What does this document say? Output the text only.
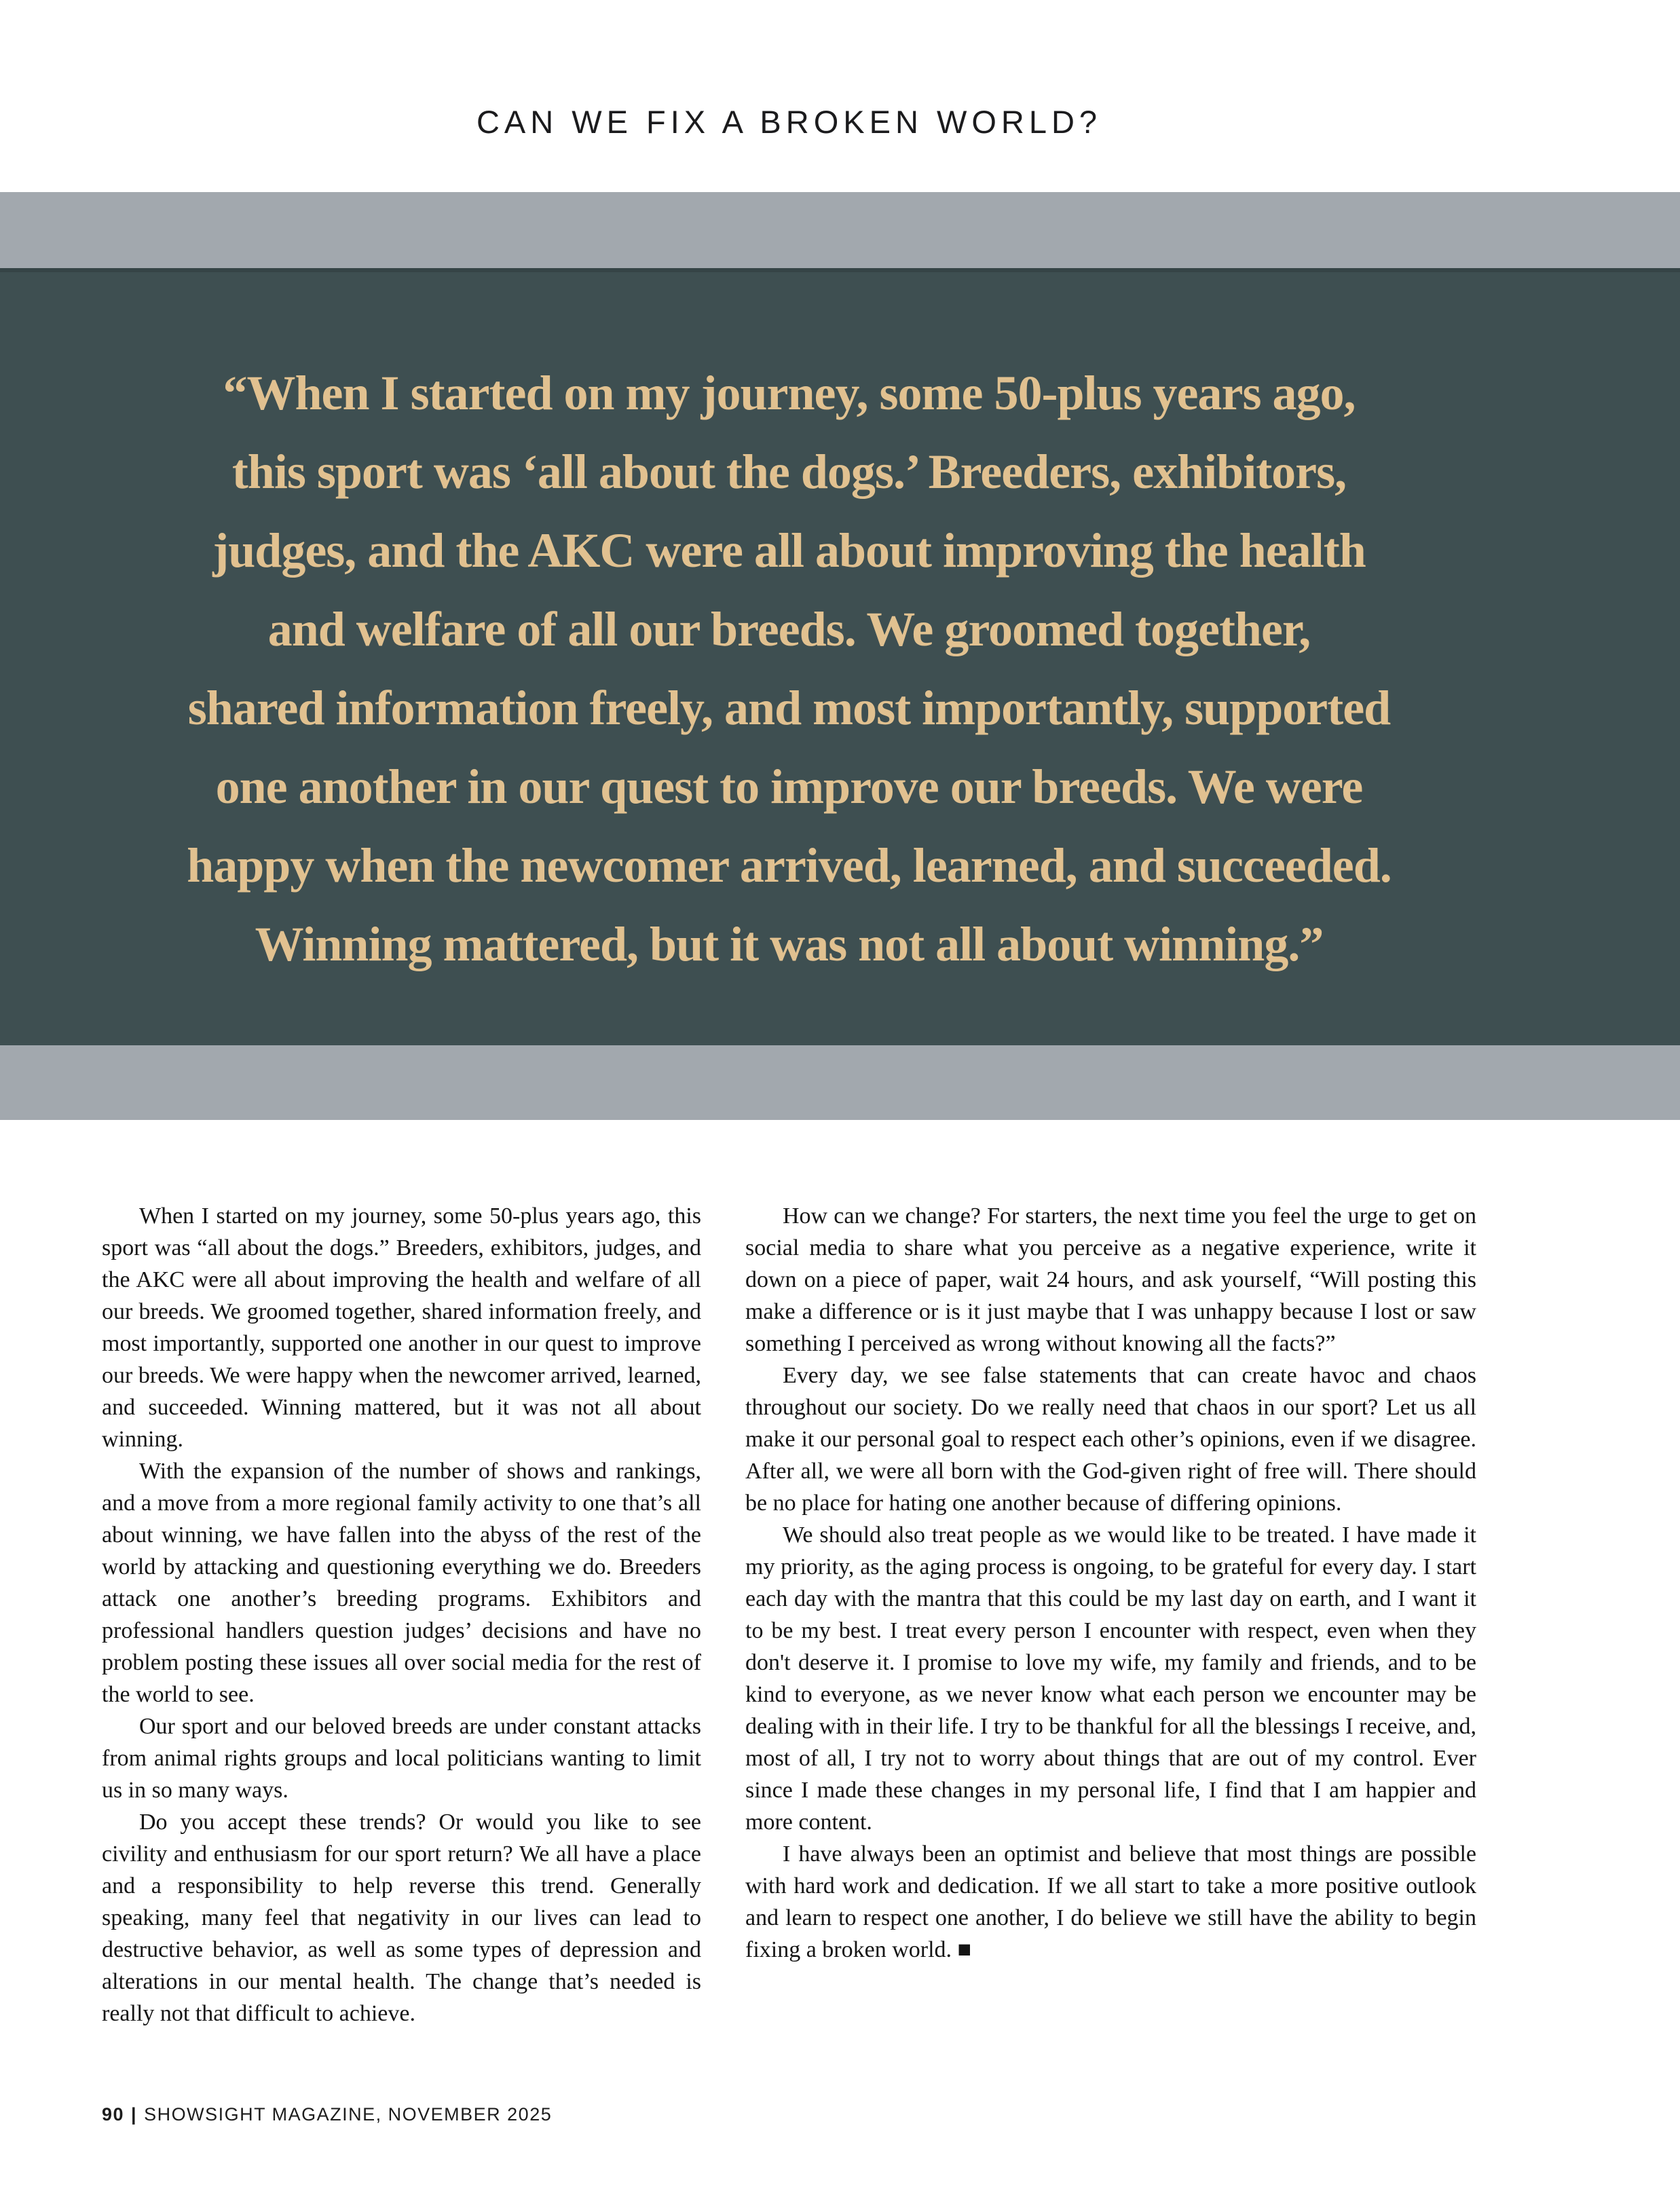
CAN WE FIX A BROKEN WORLD?
“When I started on my journey, some 50-plus years ago,
this sport was ‘all about the dogs.’ Breeders, exhibitors,
judges, and the AKC were all about improving the health
and welfare of all our breeds. We groomed together,
shared information freely, and most importantly, supported
one another in our quest to improve our breeds. We were
happy when the newcomer arrived, learned, and succeeded.
Winning mattered, but it was not all about winning.”

When I started on my journey, some 50-plus years ago, this sport was “all about the dogs.” Breeders, exhibitors, judges, and the AKC were all about improving the health and welfare of all our breeds. We groomed together, shared information freely, and most importantly, supported one another in our quest to improve our breeds. We were happy when the newcomer arrived, learned, and succeeded. Winning mattered, but it was not all about winning.

With the expansion of the number of shows and rankings, and a move from a more regional family activity to one that’s all about winning, we have fallen into the abyss of the rest of the world by attacking and questioning everything we do. Breeders attack one another’s breeding programs. Exhibitors and professional handlers question judges’ decisions and have no problem posting these issues all over social media for the rest of the world to see.

Our sport and our beloved breeds are under constant attacks from animal rights groups and local politicians wanting to limit us in so many ways.

Do you accept these trends? Or would you like to see civility and enthusiasm for our sport return? We all have a place and a responsibility to help reverse this trend. Generally speaking, many feel that negativity in our lives can lead to destructive behavior, as well as some types of depression and alterations in our mental health. The change that’s needed is really not that difficult to achieve.

How can we change? For starters, the next time you feel the urge to get on social media to share what you perceive as a negative experience, write it down on a piece of paper, wait 24 hours, and ask yourself, “Will posting this make a difference or is it just maybe that I was unhappy because I lost or saw something I perceived as wrong without knowing all the facts?”

Every day, we see false statements that can create havoc and chaos throughout our society. Do we really need that chaos in our sport? Let us all make it our personal goal to respect each other’s opinions, even if we disagree. After all, we were all born with the God-given right of free will. There should be no place for hating one another because of differing opinions.

We should also treat people as we would like to be treated. I have made it my priority, as the aging process is ongoing, to be grateful for every day. I start each day with the mantra that this could be my last day on earth, and I want it to be my best. I treat every person I encounter with respect, even when they don't deserve it. I promise to love my wife, my family and friends, and to be kind to everyone, as we never know what each person we encounter may be dealing with in their life. I try to be thankful for all the blessings I receive, and, most of all, I try not to worry about things that are out of my control. Ever since I made these changes in my personal life, I find that I am happier and more content.

I have always been an optimist and believe that most things are possible with hard work and dedication. If we all start to take a more positive outlook and learn to respect one another, I do believe we still have the ability to begin fixing a broken world. ■

90 | SHOWSIGHT MAGAZINE, NOVEMBER 2025
